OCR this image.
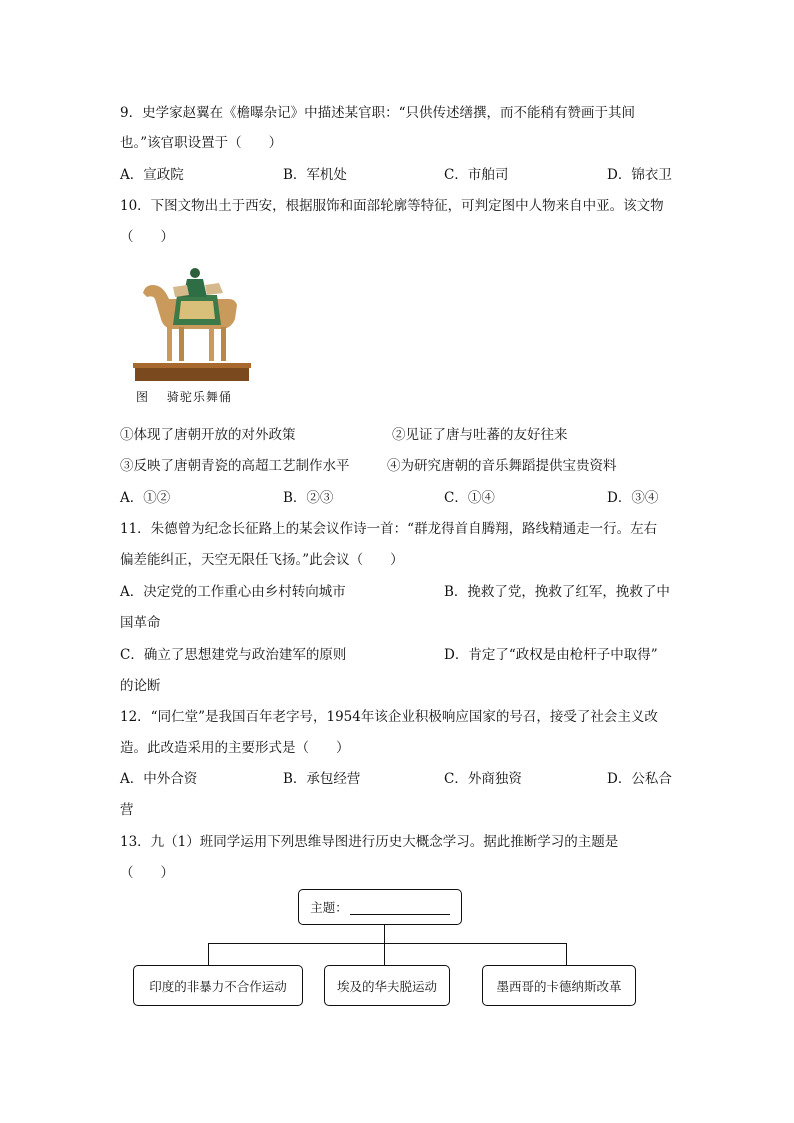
9．史学家赵翼在《檐曝杂记》中描述某官职：“只供传述缮撰，而不能稍有赞画于其间
也。”该官职设置于（　　）
A．宣政院	B．军机处	C．市舶司	D．锦衣卫
10．下图文物出土于西安，根据服饰和面部轮廓等特征，可判定图中人物来自中亚。该文物
（　　）
图　 骑驼乐舞俑
①体现了唐朝开放的对外政策	②见证了唐与吐蕃的友好往来
③反映了唐朝青瓷的高超工艺制作水平	④为研究唐朝的音乐舞蹈提供宝贵资料
A．①②	B．②③	C．①④	D．③④
11．朱德曾为纪念长征路上的某会议作诗一首：“群龙得首自腾翔，路线精通走一行。左右
偏差能纠正，天空无限任飞扬。”此会议（　　）
A．决定党的工作重心由乡村转向城市	B．挽救了党，挽救了红军，挽救了中
国革命
C．确立了思想建党与政治建军的原则	D．肯定了“政权是由枪杆子中取得”
的论断
12．“同仁堂”是我国百年老字号，1954年该企业积极响应国家的号召，接受了社会主义改
造。此改造采用的主要形式是（　　）
A．中外合资	B．承包经营	C．外商独资	D．公私合
营
13．九（1）班同学运用下列思维导图进行历史大概念学习。据此推断学习的主题是
（　　）
主题：
印度的非暴力不合作运动	埃及的华夫脱运动	墨西哥的卡德纳斯改革
